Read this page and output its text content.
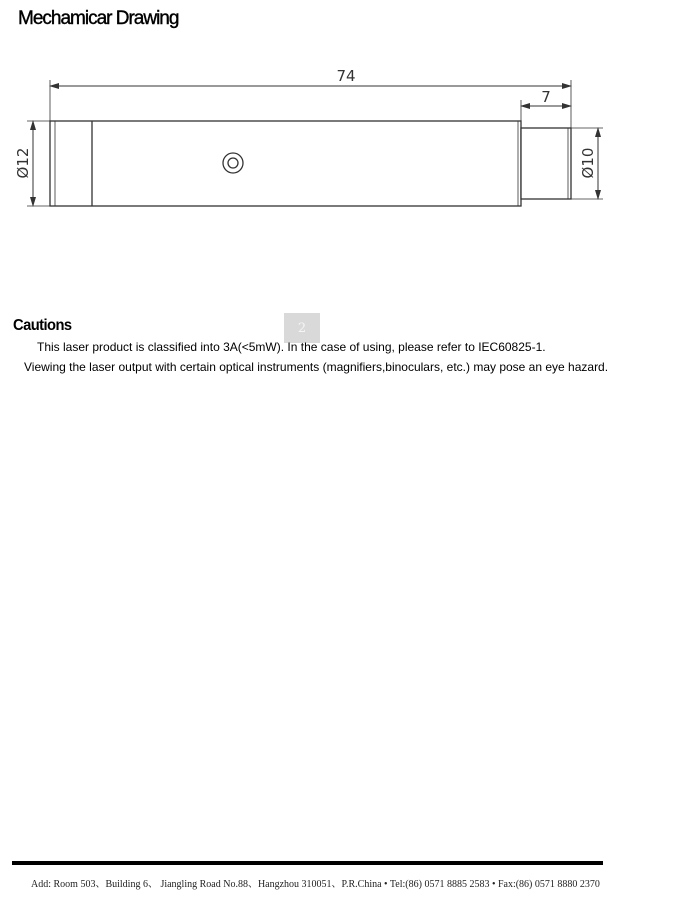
Mechamicar Drawing
74
7
Ø12	Ø10
2
Cautions
This laser product is classified into 3A(<5mW). In the case of using, please refer to IEC60825-1.
Viewing the laser output with certain optical instruments (magnifiers,binoculars, etc.) may pose an eye hazard.
Add: Room 503、Building 6、 Jiangling Road No.88、Hangzhou 310051、P.R.China • Tel:(86) 0571 8885 2583 • Fax:(86) 0571 8880 2370
